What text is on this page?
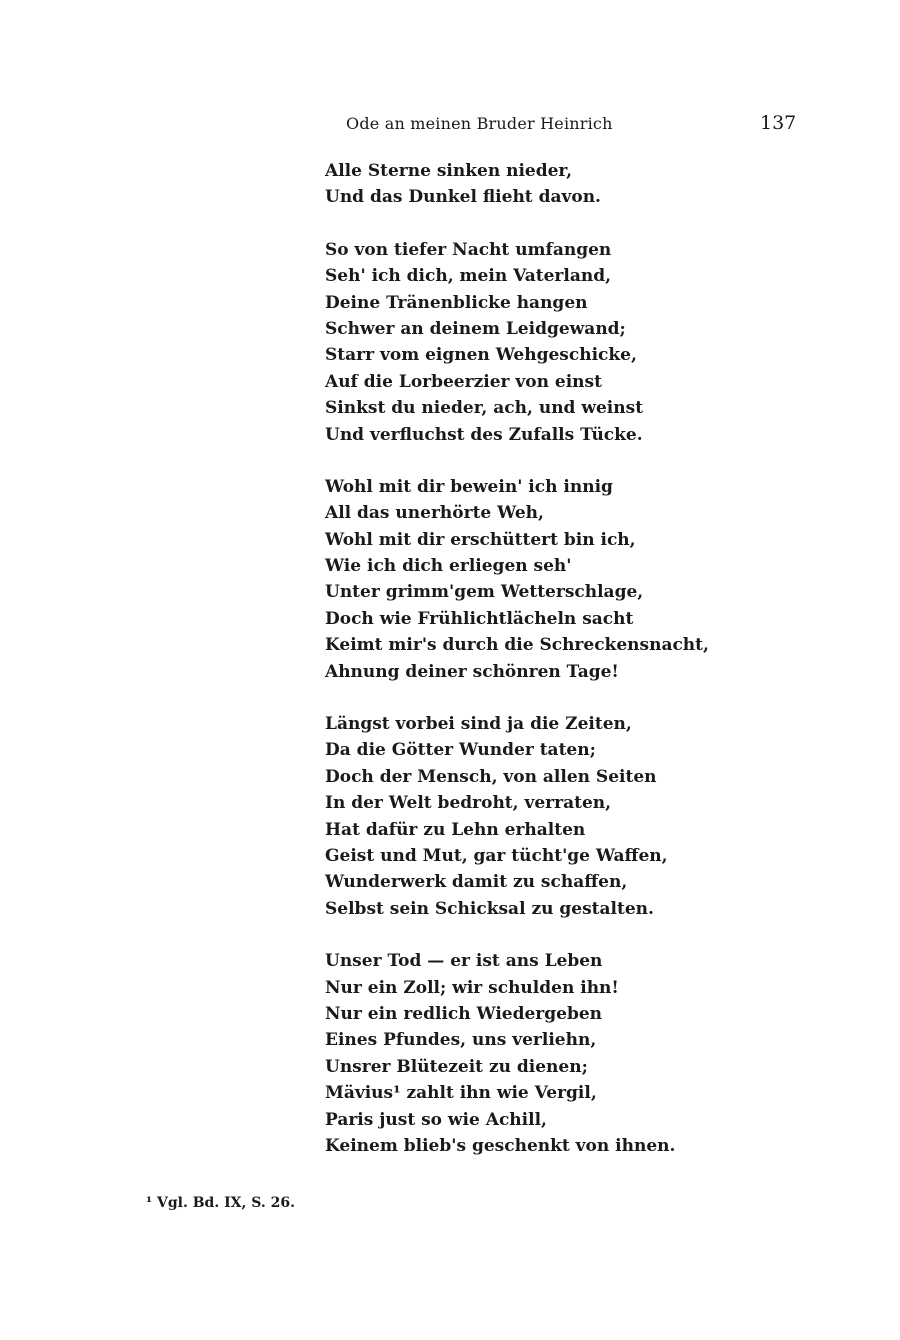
Ode an meinen Bruder Heinrich	137
Alle Sterne sinken nieder,
Und das Dunkel flieht davon.
So von tiefer Nacht umfangen
Seh' ich dich, mein Vaterland,
Deine Tränenblicke hangen
Schwer an deinem Leidgewand;
Starr vom eignen Wehgeschicke,
Auf die Lorbeerzier von einst
Sinkst du nieder, ach, und weinst
Und verfluchst des Zufalls Tücke.
Wohl mit dir bewein' ich innig
All das unerhörte Weh,
Wohl mit dir erschüttert bin ich,
Wie ich dich erliegen seh'
Unter grimm'gem Wetterschlage,
Doch wie Frühlichtlächeln sacht
Keimt mir's durch die Schreckensnacht,
Ahnung deiner schönren Tage!
Längst vorbei sind ja die Zeiten,
Da die Götter Wunder taten;
Doch der Mensch, von allen Seiten
In der Welt bedroht, verraten,
Hat dafür zu Lehn erhalten
Geist und Mut, gar tücht'ge Waffen,
Wunderwerk damit zu schaffen,
Selbst sein Schicksal zu gestalten.
Unser Tod — er ist ans Leben
Nur ein Zoll; wir schulden ihn!
Nur ein redlich Wiedergeben
Eines Pfundes, uns verliehn,
Unsrer Blütezeit zu dienen;
Mävius¹ zahlt ihn wie Vergil,
Paris just so wie Achill,
Keinem blieb's geschenkt von ihnen.
¹ Vgl. Bd. IX, S. 26.
